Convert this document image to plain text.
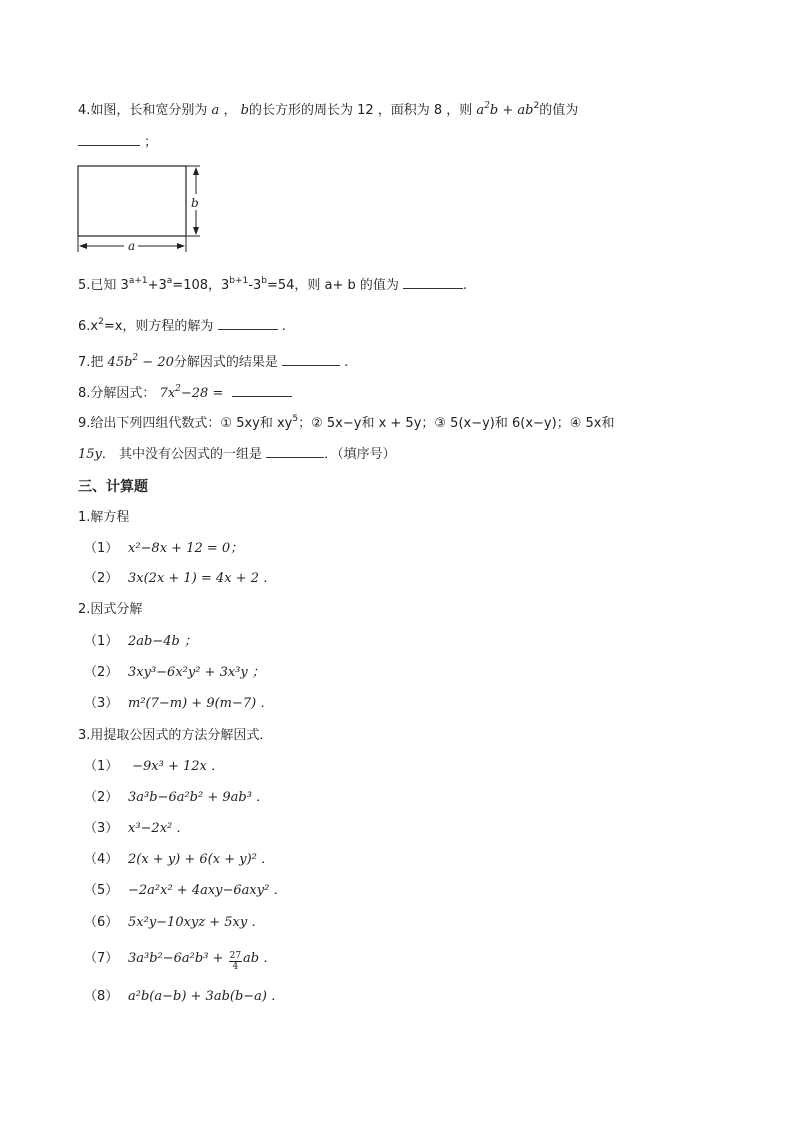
4.如图，长和宽分别为 a ， b的长方形的周长为 12 ，面积为 8 ，则 $a^2b + ab^2$的值为
；
b
a
5.已知 $3^{a+1}+3^a=108$，$3^{b+1}-3^b=54$，则 a+ b 的值为	.
$6.x^2=x$，则方程的解为	.
7.把 $45b^2 - 20$分解因式的结果是	.
8.分解因式： $7x^2-28$ =
9.给出下列四组代数式：① 5xy和 $xy^5$；② 5x−y和 x + 5y；③ 5(x−y)和 6(x−y)；④ 5x和
15y． 其中没有公因式的一组是	．（填序号）
三、计算题
1.解方程
（1） x²−8x + 12 = 0；
（2） 3x(2x + 1) = 4x + 2 ．
2.因式分解
（1） 2ab−4b ；
（2） 3xy³−6x²y² + 3x³y ；
（3） m²(7−m) + 9(m−7) ．
3.用提取公因式的方法分解因式．
（1） −9x³ + 12x ．
（2） 3a³b−6a²b² + 9ab³ ．
（3） x³−2x² ．
（4） 2(x + y) + 6(x + y)² ．
（5） −2a²x² + 4axy−6axy² ．
（6） 5x²y−10xyz + 5xy ．
（7） $3a^3b^2-6a^2b^3 + \frac{27}{4}$ ab ．
（8） a²b(a−b) + 3ab(b−a) ．
